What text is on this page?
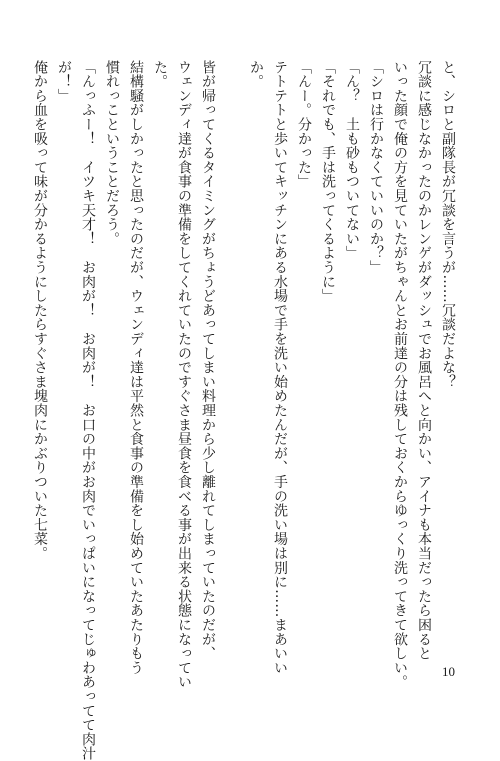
と、シロと副隊長が冗談を言うが……冗談だよな？

冗談に感じなかったのかレンゲがダッシュでお風呂へと向かい、アイナも本当だったら困ると

いった顔で俺の方を見ていたがちゃんとお前達の分は残しておくからゆっくり洗ってきて欲しい。

「シロは行かなくていいのか？」

「ん？　土も砂もついてない」

「それでも、手は洗ってくるように」

「んー。分かった」

テトテトと歩いてキッチンにある水場で手を洗い始めたんだが、手の洗い場は別に……まあいい

か。

皆が帰ってくるタイミングがちょうどあってしまい料理から少し離れてしまっていたのだが、

ウェンディ達が食事の準備をしてくれていたのですぐさま昼食を食べる事が出来る状態になってい

た。

結構騒がしかったと思ったのだが、ウェンディ達は平然と食事の準備をし始めていたあたりもう

慣れっこということだろう。

「んっふー！　イツキ天才！　お肉が！　お肉が！　お口の中がお肉でいっぱいになってじゅわあってて肉汁

が！」

俺から血を吸って味が分かるようにしたらすぐさま塊肉にかぶりついた七菜。

10
